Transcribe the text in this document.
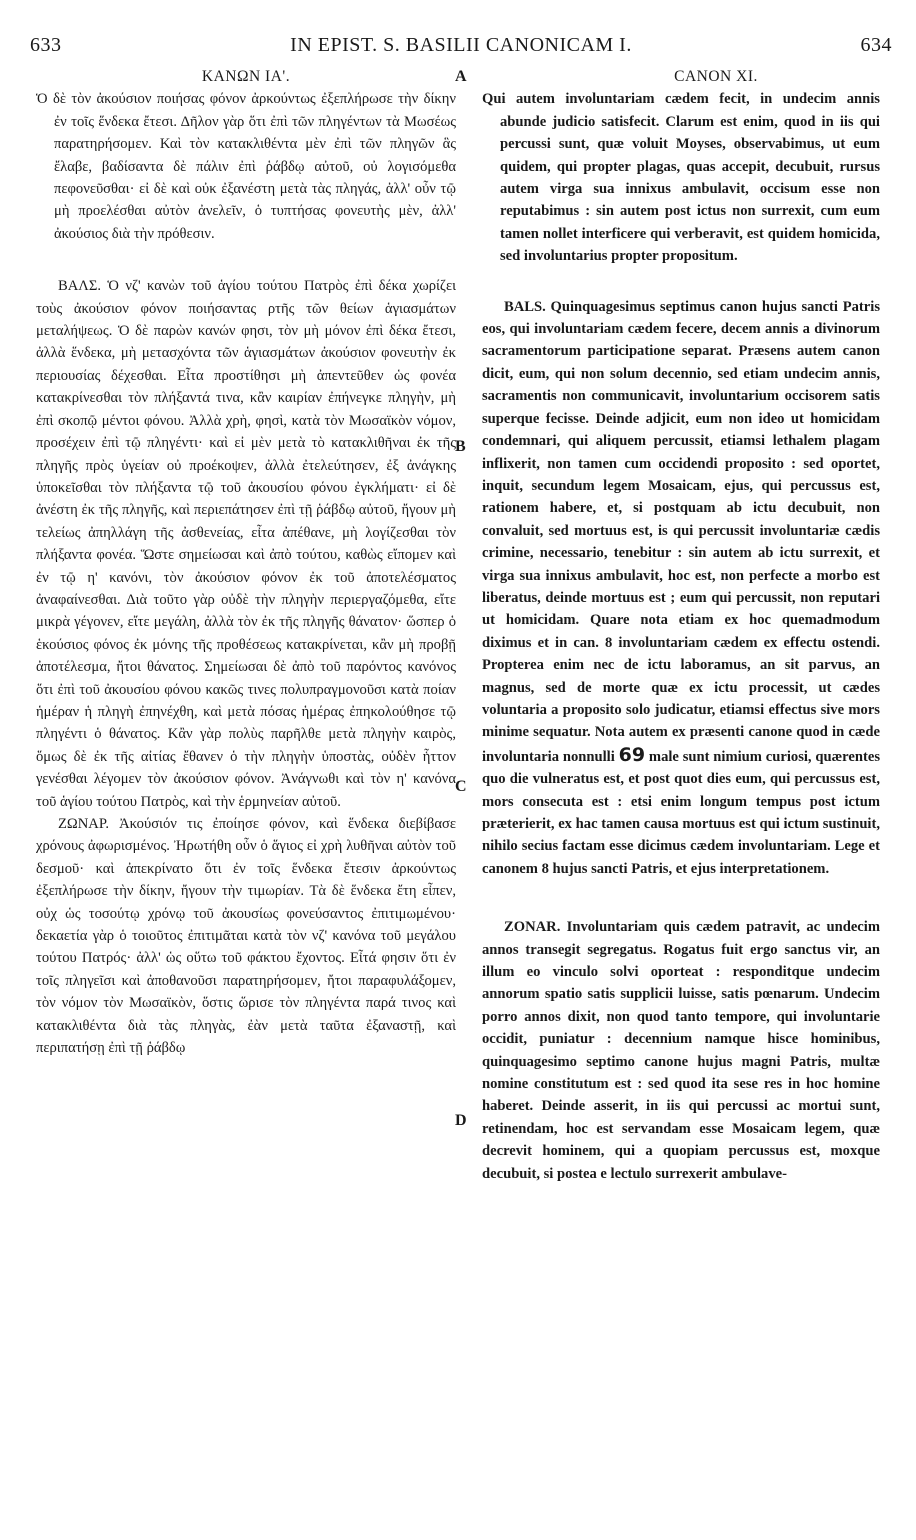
633	IN EPIST. S. BASILII CANONICAM I.	634

ΚΑΝΩΝ ΙΑ'.

Ὁ δὲ τὸν ἀκούσιον ποιήσας φόνον ἀρκούντως ἐξεπλήρωσε τὴν δίκην ἐν τοῖς ἕνδεκα ἔτεσι. Δῆλον γὰρ ὅτι ἐπὶ τῶν πληγέντων τὰ Μωσέως παρατηρήσομεν. Καὶ τὸν κατακλιθέντα μὲν ἐπὶ τῶν πληγῶν ἃς ἔλαβε, βαδίσαντα δὲ πάλιν ἐπὶ ῥάβδῳ αὐτοῦ, οὐ λογισόμεθα πεφονεῦσθαι· εἰ δὲ καὶ οὐκ ἐξανέστη μετὰ τὰς πληγάς, ἀλλ' οὖν τῷ μὴ προελέσθαι αὐτὸν ἀνελεῖν, ὁ τυπτήσας φονευτὴς μὲν, ἀλλ' ἀκούσιος διὰ τὴν πρόθεσιν.

ΒΑΛΣ. Ὁ νζ' κανὼν τοῦ ἁγίου τούτου Πατρὸς ἐπὶ δέκα χωρίζει τοὺς ἀκούσιον φόνον ποιήσαντας ρτῆς τῶν θείων ἁγιασμάτων μεταλήψεως. Ὁ δὲ παρὼν κανών φησι, τὸν μὴ μόνον ἐπὶ δέκα ἔτεσι, ἀλλὰ ἕνδεκα, μὴ μετασχόντα τῶν ἁγιασμάτων ἀκούσιον φονευτὴν ἐκ περιουσίας δέχεσθαι. Εἶτα προστίθησι μὴ ἀπεντεῦθεν ὡς φονέα κατακρίνεσθαι τὸν πλήξαντά τινα, κἂν καιρίαν ἐπήνεγκε πληγὴν, μὴ ἐπὶ σκοπῷ μέντοι φόνου. Ἀλλὰ χρὴ, φησὶ, κατὰ τὸν Μωσαϊκὸν νόμον, προσέχειν ἐπὶ τῷ πληγέντι· καὶ εἰ μὲν μετὰ τὸ κατακλιθῆναι ἐκ τῆς πληγῆς πρὸς ὑγείαν οὐ προέκοψεν, ἀλλὰ ἐτελεύτησεν, ἐξ ἀνάγκης ὑποκεῖσθαι τὸν πλήξαντα τῷ τοῦ ἀκουσίου φόνου ἐγκλήματι· εἰ δὲ ἀνέστη ἐκ τῆς πληγῆς, καὶ περιεπάτησεν ἐπὶ τῇ ῥάβδῳ αὐτοῦ, ἤγουν μὴ τελείως ἀπηλλάγη τῆς ἀσθενείας, εἶτα ἀπέθανε, μὴ λογίζεσθαι τὸν πλήξαντα φονέα. Ὥστε σημείωσαι καὶ ἀπὸ τούτου, καθὼς εἴπομεν καὶ ἐν τῷ η' κανόνι, τὸν ἀκούσιον φόνον ἐκ τοῦ ἀποτελέσματος ἀναφαίνεσθαι. Διὰ τοῦτο γὰρ οὐδὲ τὴν πληγὴν περιεργαζόμεθα, εἴτε μικρὰ γέγονεν, εἴτε μεγάλη, ἀλλὰ τὸν ἐκ τῆς πληγῆς θάνατον· ὥσπερ ὁ ἑκούσιος φόνος ἐκ μόνης τῆς προθέσεως κατακρίνεται, κἂν μὴ προβῇ ἀποτέλεσμα, ἤτοι θάνατος. Σημείωσαι δὲ ἀπὸ τοῦ παρόντος κανόνος ὅτι ἐπὶ τοῦ ἀκουσίου φόνου κακῶς τινες πολυπραγμονοῦσι κατὰ ποίαν ἡμέραν ἡ πληγὴ ἐπηνέχθη, καὶ μετὰ πόσας ἡμέρας ἐπηκολούθησε τῷ πληγέντι ὁ θάνατος. Κἂν γὰρ πολὺς παρῆλθε μετὰ πληγὴν καιρὸς, ὅμως δὲ ἐκ τῆς αἰτίας ἔθανεν ὁ τὴν πληγὴν ὑποστὰς, οὐδὲν ἧττον γενέσθαι λέγομεν τὸν ἀκούσιον φόνον. Ἀνάγνωθι καὶ τὸν η' κανόνα τοῦ ἁγίου τούτου Πατρὸς, καὶ τὴν ἑρμηνείαν αὐτοῦ.

ΖΩΝΑΡ. Ἀκούσιόν τις ἐποίησε φόνον, καὶ ἕνδεκα διεβίβασε χρόνους ἀφωρισμένος. Ἠρωτήθη οὖν ὁ ἅγιος εἰ χρὴ λυθῆναι αὐτὸν τοῦ δεσμοῦ· καὶ ἀπεκρίνατο ὅτι ἐν τοῖς ἕνδεκα ἔτεσιν ἀρκούντως ἐξεπλήρωσε τὴν δίκην, ἤγουν τὴν τιμωρίαν. Τὰ δὲ ἕνδεκα ἔτη εἶπεν, οὐχ ὡς τοσούτῳ χρόνῳ τοῦ ἀκουσίως φονεύσαντος ἐπιτιμωμένου· δεκαετία γὰρ ὁ τοιοῦτος ἐπιτιμᾶται κατὰ τὸν νζ' κανόνα τοῦ μεγάλου τούτου Πατρός· ἀλλ' ὡς οὕτω τοῦ φάκτου ἔχοντος. Εἶτά φησιν ὅτι ἐν τοῖς πληγεῖσι καὶ ἀποθανοῦσι παρατηρήσομεν, ἤτοι παραφυλάξομεν, τὸν νόμον τὸν Μωσαϊκὸν, ὅστις ὥρισε τὸν πληγέντα παρά τινος καὶ κατακλιθέντα διὰ τὰς πληγὰς, ἐὰν μετὰ ταῦτα ἐξαναστῇ, καὶ περιπατήσῃ ἐπὶ τῇ ῥάβδῳ

CANON XI.

Qui autem involuntariam cædem fecit, in undecim annis abunde judicio satisfecit. Clarum est enim, quod in iis qui percussi sunt, quæ voluit Moyses, observabimus, ut eum quidem, qui propter plagas, quas accepit, decubuit, rursus autem virga sua innixus ambulavit, occisum esse non reputabimus : sin autem post ictus non surrexit, cum eum tamen nollet interficere qui verberavit, est quidem homicida, sed involuntarius propter propositum.

BALS. Quinquagesimus septimus canon hujus sancti Patris eos, qui involuntariam cædem fecere, decem annis a divinorum sacramentorum participatione separat. Præsens autem canon dicit, eum, qui non solum decennio, sed etiam undecim annis, sacramentis non communicavit, involuntarium occisorem satis superque fecisse. Deinde adjicit, eum non ideo ut homicidam condemnari, qui aliquem percussit, etiamsi lethalem plagam inflixerit, non tamen cum occidendi proposito : sed oportet, inquit, secundum legem Mosaicam, ejus, qui percussus est, rationem habere, et, si postquam ab ictu decubuit, non convaluit, sed mortuus est, is qui percussit involuntariæ cædis crimine, necessario, tenebitur : sin autem ab ictu surrexit, et virga sua innixus ambulavit, hoc est, non perfecte a morbo est liberatus, deinde mortuus est ; eum qui percussit, non reputari ut homicidam. Quare nota etiam ex hoc quemadmodum diximus et in can. 8 involuntariam cædem ex effectu ostendi. Propterea enim nec de ictu laboramus, an sit parvus, an magnus, sed de morte quæ ex ictu processit, ut cædes voluntaria a proposito solo judicatur, etiamsi effectus sive mors minime sequatur. Nota autem ex præsenti canone quod in cæde involuntaria nonnulli 69 male sunt nimium curiosi, quærentes quo die vulneratus est, et post quot dies eum, qui percussus est, mors consecuta est : etsi enim longum tempus post ictum præterierit, ex hac tamen causa mortuus est qui ictum sustinuit, nihilo secius factam esse dicimus cædem involuntariam. Lege et canonem 8 hujus sancti Patris, et ejus interpretationem.

ZONAR. Involuntariam quis cædem patravit, ac undecim annos transegit segregatus. Rogatus fuit ergo sanctus vir, an illum eo vinculo solvi oporteat : responditque undecim annorum spatio satis supplicii luisse, satis pœnarum. Undecim porro annos dixit, non quod tanto tempore, qui involuntarie occidit, puniatur : decennium namque hisce hominibus, quinquagesimo septimo canone hujus magni Patris, multæ nomine constitutum est : sed quod ita sese res in hoc homine haberet. Deinde asserit, in iis qui percussi ac mortui sunt, retinendam, hoc est servandam esse Mosaicam legem, quæ decrevit hominem, qui a quopiam percussus est, moxque decubuit, si postea e lectulo surrexerit ambulave-

A
B
C
D
